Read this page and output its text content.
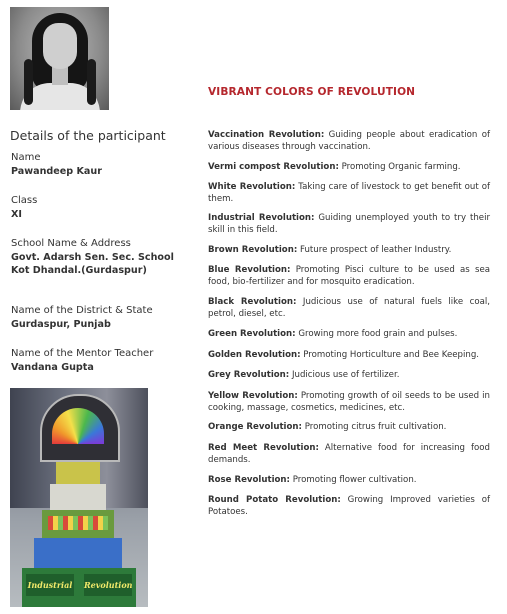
Details of the participant
Name
Pawandeep Kaur
Class
XI
School Name & Address
Govt. Adarsh Sen. Sec. School
Kot Dhandal.(Gurdaspur)
Name of the District & State
Gurdaspur, Punjab
Name of the Mentor Teacher
Vandana Gupta
Industrial Revolution
VIBRANT COLORS OF REVOLUTION
Vaccination Revolution: Guiding people about eradication of various diseases through vaccination.
Vermi compost Revolution: Promoting Organic farming.
White Revolution: Taking care of livestock to get benefit out of them.
Industrial Revolution: Guiding unemployed youth to try their skill in this field.
Brown Revolution: Future prospect of leather Industry.
Blue Revolution: Promoting Pisci culture to be used as sea food, bio-fertilizer and for mosquito eradication.
Black Revolution: Judicious use of natural fuels like coal, petrol, diesel, etc.
Green Revolution: Growing more food grain and pulses.
Golden Revolution: Promoting Horticulture and Bee Keeping.
Grey Revolution: Judicious use of fertilizer.
Yellow Revolution: Promoting growth of oil seeds to be used in cooking, massage, cosmetics, medicines, etc.
Orange Revolution: Promoting citrus fruit cultivation.
Red Meet Revolution: Alternative food for increasing food demands.
Rose Revolution: Promoting flower cultivation.
Round Potato Revolution: Growing Improved varieties of Potatoes.
